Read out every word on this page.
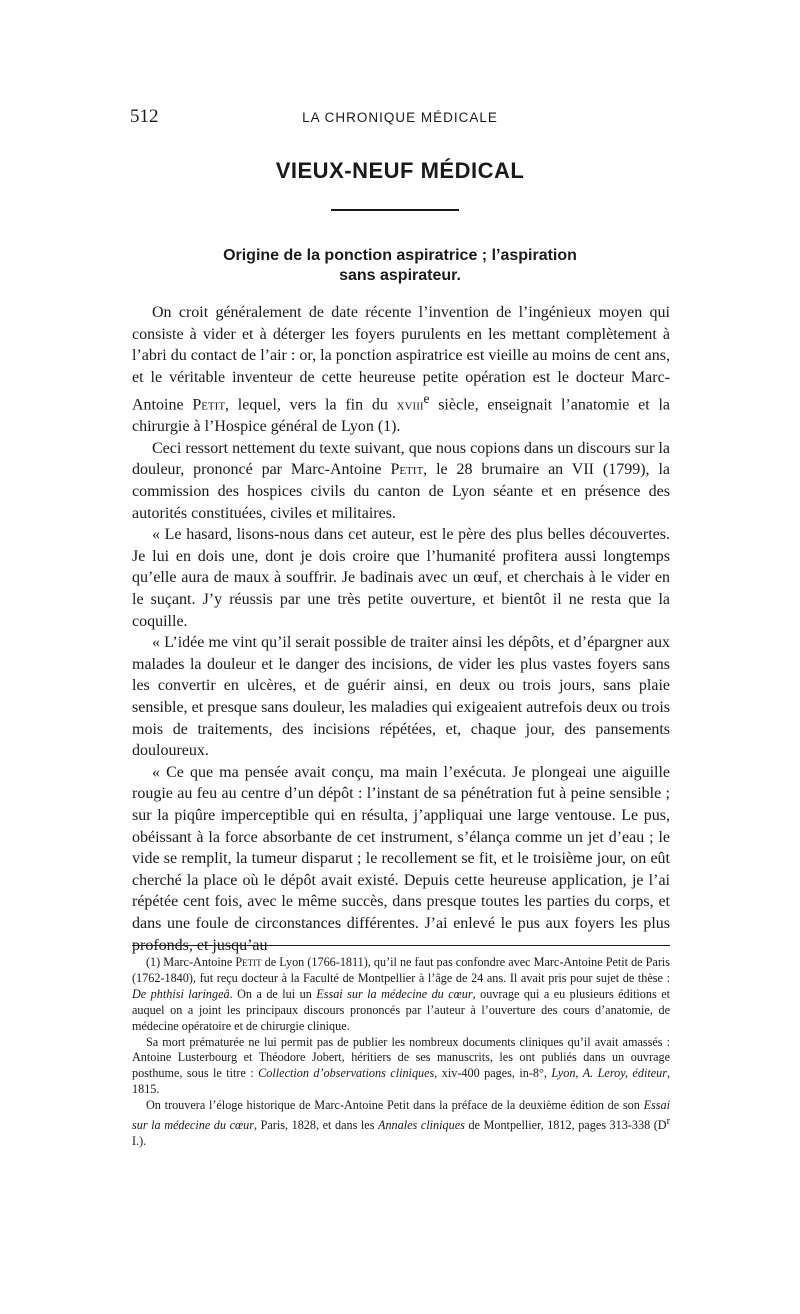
512	LA CHRONIQUE MÉDICALE
VIEUX-NEUF MÉDICAL
Origine de la ponction aspiratrice ; l’aspiration
sans aspirateur.

On croit généralement de date récente l’invention de l’ingénieux moyen qui consiste à vider et à déterger les foyers purulents en les mettant complètement à l’abri du contact de l’air : or, la ponction aspiratrice est vieille au moins de cent ans, et le véritable inventeur de cette heureuse petite opération est le docteur Marc-Antoine Petit, lequel, vers la fin du xviii$^e$ siècle, enseignait l’anatomie et la chirurgie à l’Hospice général de Lyon (1).

Ceci ressort nettement du texte suivant, que nous copions dans un discours sur la douleur, prononcé par Marc-Antoine Petit, le 28 brumaire an VII (1799), la commission des hospices civils du canton de Lyon séante et en présence des autorités constituées, civiles et militaires.

« Le hasard, lisons-nous dans cet auteur, est le père des plus belles découvertes. Je lui en dois une, dont je dois croire que l’humanité profitera aussi longtemps qu’elle aura de maux à souffrir. Je badinais avec un œuf, et cherchais à le vider en le suçant. J’y réussis par une très petite ouverture, et bientôt il ne resta que la coquille.

« L’idée me vint qu’il serait possible de traiter ainsi les dépôts, et d’épargner aux malades la douleur et le danger des incisions, de vider les plus vastes foyers sans les convertir en ulcères, et de guérir ainsi, en deux ou trois jours, sans plaie sensible, et presque sans douleur, les maladies qui exigeaient autrefois deux ou trois mois de traitements, des incisions répétées, et, chaque jour, des pansements douloureux.

« Ce que ma pensée avait conçu, ma main l’exécuta. Je plongeai une aiguille rougie au feu au centre d’un dépôt : l’instant de sa pénétration fut à peine sensible ; sur la piqûre imperceptible qui en résulta, j’appliquai une large ventouse. Le pus, obéissant à la force absorbante de cet instrument, s’élança comme un jet d’eau ; le vide se remplit, la tumeur disparut ; le recollement se fit, et le troisième jour, on eût cherché la place où le dépôt avait existé. Depuis cette heureuse application, je l’ai répétée cent fois, avec le même succès, dans presque toutes les parties du corps, et dans une foule de circonstances différentes. J’ai enlevé le pus aux foyers les plus profonds, et jusqu’au

(1) Marc-Antoine Petit de Lyon (1766-1811), qu’il ne faut pas confondre avec Marc-Antoine Petit de Paris (1762-1840), fut reçu docteur à la Faculté de Montpellier à l’âge de 24 ans. Il avait pris pour sujet de thèse : De phthisi laringeâ. On a de lui un Essai sur la médecine du cœur, ouvrage qui a eu plusieurs éditions et auquel on a joint les principaux discours prononcés par l’auteur à l’ouverture des cours d’anatomie, de médecine opératoire et de chirurgie clinique.

Sa mort prématurée ne lui permit pas de publier les nombreux documents cliniques qu’il avait amassés : Antoine Lusterbourg et Théodore Jobert, héritiers de ses manuscrits, les ont publiés dans un ouvrage posthume, sous le titre : Collection d’observations cliniques, xiv-400 pages, in-8°, Lyon, A. Leroy, éditeur, 1815.

On trouvera l’éloge historique de Marc-Antoine Petit dans la préface de la deuxième édition de son Essai sur la médecine du cœur, Paris, 1828, et dans les Annales cliniques de Montpellier, 1812, pages 313-338 ($D^r$ I.).
